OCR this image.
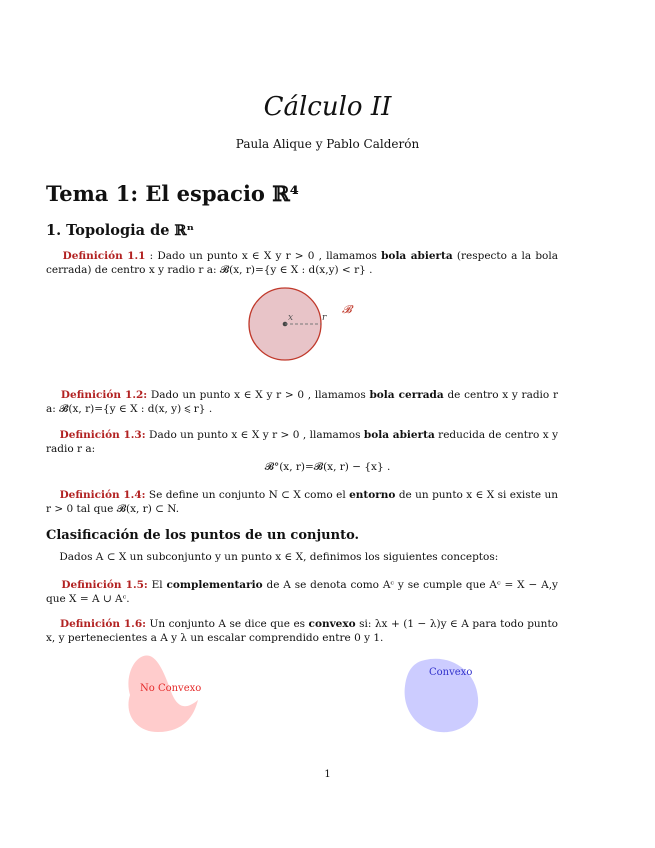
Cálculo II
Paula Alique y Pablo Calderón
Tema 1: El espacio ℝ⁴
1. Topologia de ℝⁿ
Definición 1.1 : Dado un punto x ∈ X y r > 0 , llamamos bola abierta (respecto a la bola cerrada) de centro x y radio r a: 𝓑(x, r)={y ∈ X : d(x,y) < r} .
x	r
𝓑
Definición 1.2: Dado un punto x ∈ X y r > 0 , llamamos bola cerrada de centro x y radio r a: 𝓑̄(x, r)={y ∈ X : d(x, y) ⩽ r} .
Definición 1.3: Dado un punto x ∈ X y r > 0 , llamamos bola abierta reducida de centro x y radio r a:
𝓑°(x, r)=𝓑(x, r) − {x} .
Definición 1.4: Se define un conjunto N ⊂ X como el entorno de un punto x ∈ X si existe un r > 0 tal que 𝓑(x, r) ⊂ N.
Clasificación de los puntos de un conjunto.
Dados A ⊂ X un subconjunto y un punto x ∈ X, definimos los siguientes conceptos:
Definición 1.5: El complementario de A se denota como Aᶜ y se cumple que Aᶜ = X − A,y que X = A ∪ Aᶜ.
Definición 1.6: Un conjunto A se dice que es convexo si: λx + (1 − λ)y ∈ A para todo punto x, y pertenecientes a A y λ un escalar comprendido entre 0 y 1.
No Convexo
Convexo
1
